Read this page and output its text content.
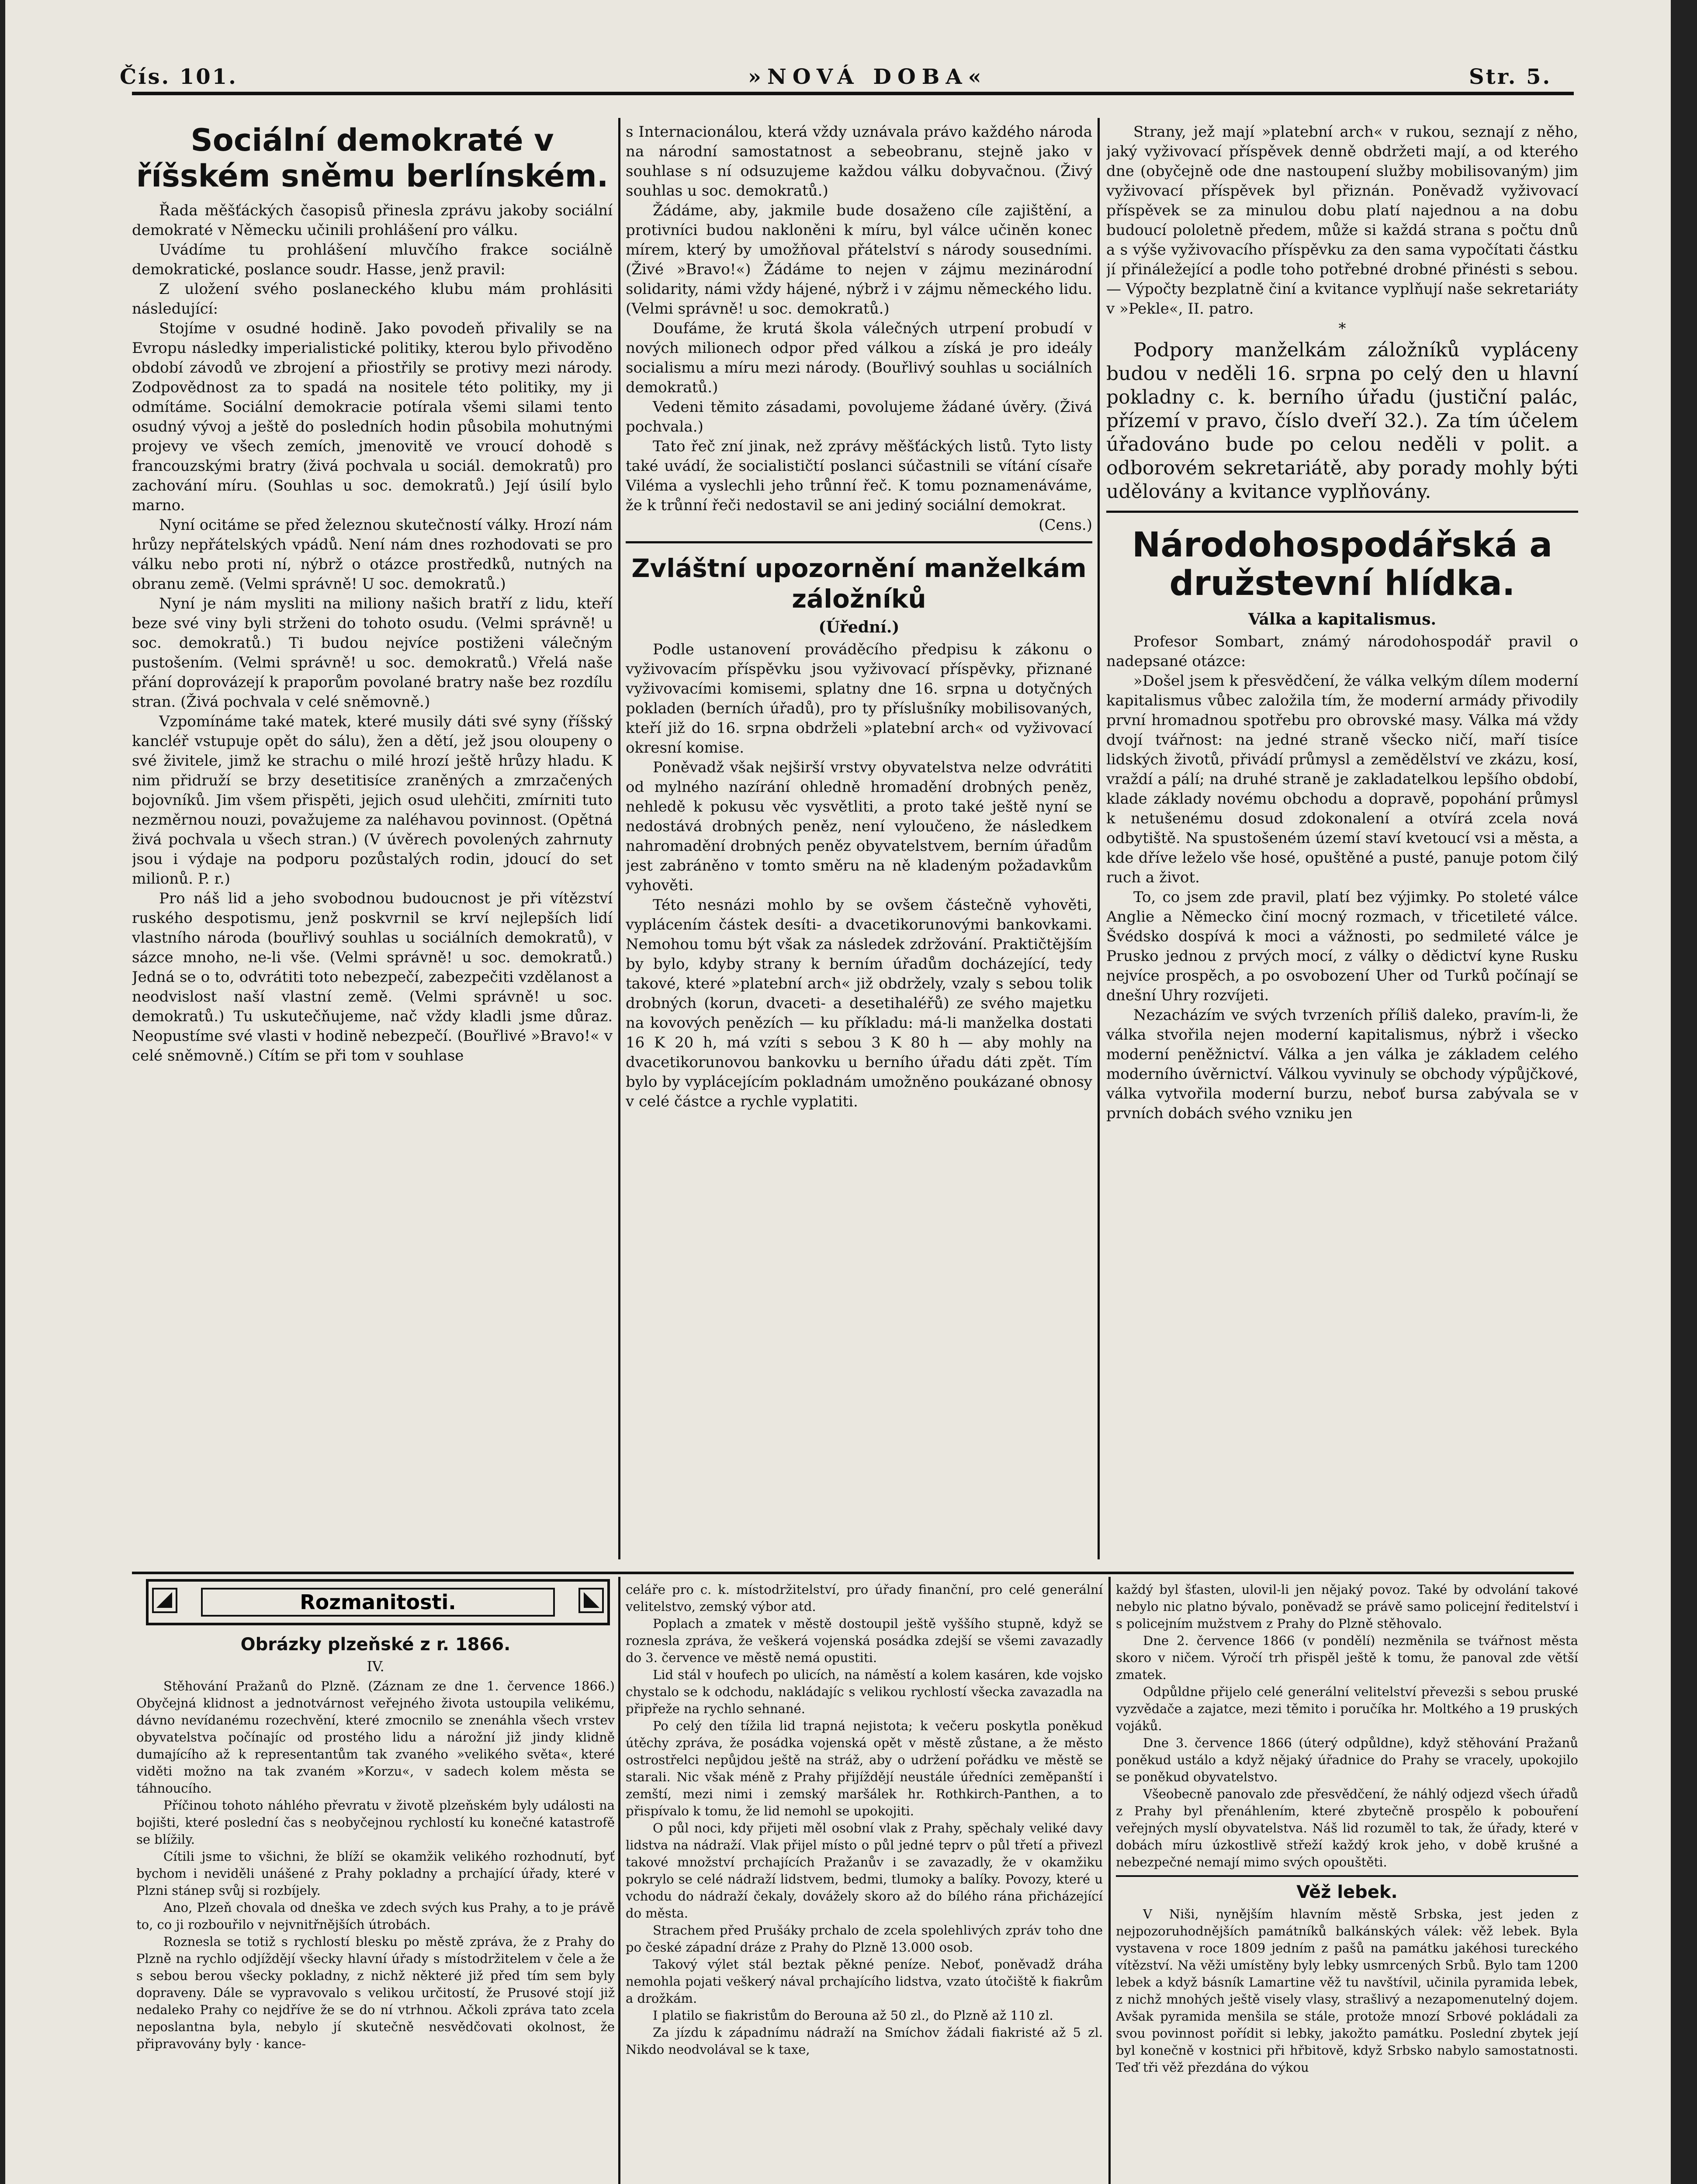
Čís. 101.	»NOVÁ DOBA«	Str. 5.
Sociální demokraté v říšském sněmu berlínském.

Řada měšťáckých časopisů přinesla zprávu jakoby sociální demokraté v Německu učinili prohlášení pro válku.

Uvádíme tu prohlášení mluvčího frakce sociálně demokratické, poslance soudr. Hasse, jenž pravil:

Z uložení svého poslaneckého klubu mám prohlásiti následující:

Stojíme v osudné hodině. Jako povodeň přivalily se na Evropu následky imperialistické politiky, kterou bylo přivoděno období závodů ve zbrojení a přiostřily se protivy mezi národy. Zodpovědnost za to spadá na nositele této politiky, my ji odmítáme. Sociální demokracie potírala všemi silami tento osudný vývoj a ještě do posledních hodin působila mohutnými projevy ve všech zemích, jmenovitě ve vroucí dohodě s francouzskými bratry (živá pochvala u sociál. demokratů) pro zachování míru. (Souhlas u soc. demokratů.) Její úsilí bylo marno.

Nyní ocitáme se před železnou skutečností války. Hrozí nám hrůzy nepřátelských vpádů. Není nám dnes rozhodovati se pro válku nebo proti ní, nýbrž o otázce prostředků, nutných na obranu země. (Velmi správně! U soc. demokratů.)

Nyní je nám mysliti na miliony našich bratří z lidu, kteří beze své viny byli strženi do tohoto osudu. (Velmi správně! u soc. demokratů.) Ti budou nejvíce postiženi válečným pustošením. (Velmi správně! u soc. demokratů.) Vřelá naše přání doprovázejí k praporům povolané bratry naše bez rozdílu stran. (Živá pochvala v celé sněmovně.)

Vzpomínáme také matek, které musily dáti své syny (říšský kancléř vstupuje opět do sálu), žen a dětí, jež jsou oloupeny o své živitele, jimž ke strachu o milé hrozí ještě hrůzy hladu. K nim přidruží se brzy desetitisíce zraněných a zmrzačených bojovníků. Jim všem přispěti, jejich osud ulehčiti, zmírniti tuto nezměrnou nouzi, považujeme za naléhavou povinnost. (Opětná živá pochvala u všech stran.) (V úvěrech povolených zahrnuty jsou i výdaje na podporu pozůstalých rodin, jdoucí do set milionů. P. r.)

Pro náš lid a jeho svobodnou budoucnost je při vítězství ruského despotismu, jenž poskvrnil se krví nejlepších lidí vlastního národa (bouřlivý souhlas u sociálních demokratů), v sázce mnoho, ne-li vše. (Velmi správně! u soc. demokratů.) Jedná se o to, odvrátiti toto nebezpečí, zabezpečiti vzdělanost a neodvislost naší vlastní země. (Velmi správně! u soc. demokratů.) Tu uskutečňujeme, nač vždy kladli jsme důraz. Neopustíme své vlasti v hodině nebezpečí. (Bouřlivé »Bravo!« v celé sněmovně.) Cítím se při tom v souhlase

s Internacionálou, která vždy uznávala právo každého národa na národní samostatnost a sebeobranu, stejně jako v souhlase s ní odsuzujeme každou válku dobyvačnou. (Živý souhlas u soc. demokratů.)

Žádáme, aby, jakmile bude dosaženo cíle zajištění, a protivníci budou nakloněni k míru, byl válce učiněn konec mírem, který by umožňoval přátelství s národy sousedními. (Živé »Bravo!«) Žádáme to nejen v zájmu mezinárodní solidarity, námi vždy hájené, nýbrž i v zájmu německého lidu. (Velmi správně! u soc. demokratů.)

Doufáme, že krutá škola válečných utrpení probudí v nových milionech odpor před válkou a získá je pro ideály socialismu a míru mezi národy. (Bouřlivý souhlas u sociálních demokratů.)

Vedeni těmito zásadami, povolujeme žádané úvěry. (Živá pochvala.)

Tato řeč zní jinak, než zprávy měšťáckých listů. Tyto listy také uvádí, že socialističtí poslanci súčastnili se vítání císaře Viléma a vyslechli jeho trůnní řeč. K tomu poznamenáváme, že k trůnní řeči nedostavil se ani jediný sociální demokrat.

(Cens.)
Zvláštní upozornění manželkám záložníků
(Úřední.)

Podle ustanovení prováděcího předpisu k zákonu o vyživovacím příspěvku jsou vyživovací příspěvky, přiznané vyživovacími komisemi, splatny dne 16. srpna u dotyčných pokladen (berních úřadů), pro ty příslušníky mobilisovaných, kteří již do 16. srpna obdrželi »platební arch« od vyživovací okresní komise.

Poněvadž však nejširší vrstvy obyvatelstva nelze odvrátiti od mylného nazírání ohledně hromadění drobných peněz, nehledě k pokusu věc vysvětliti, a proto také ještě nyní se nedostává drobných peněz, není vyloučeno, že následkem nahromadění drobných peněz obyvatelstvem, berním úřadům jest zabráněno v tomto směru na ně kladeným požadavkům vyhověti.

Této nesnázi mohlo by se ovšem částečně vyhověti, vyplácením částek desíti- a dvacetikorunovými bankovkami. Nemohou tomu být však za následek zdržování. Praktičtějším by bylo, kdyby strany k berním úřadům docházející, tedy takové, které »platební arch« již obdržely, vzaly s sebou tolik drobných (korun, dvaceti- a desetihaléřů) ze svého majetku na kovových penězích — ku příkladu: má-li manželka dostati 16 K 20 h, má vzíti s sebou 3 K 80 h — aby mohly na dvacetikorunovou bankovku u berního úřadu dáti zpět. Tím bylo by vyplácejícím pokladnám umožněno poukázané obnosy v celé částce a rychle vyplatiti.

Strany, jež mají »platební arch« v rukou, seznají z něho, jaký vyživovací příspěvek denně obdržeti mají, a od kterého dne (obyčejně ode dne nastoupení služby mobilisovaným) jim vyživovací příspěvek byl přiznán. Poněvadž vyživovací příspěvek se za minulou dobu platí najednou a na dobu budoucí pololetně předem, může si každá strana s počtu dnů a s výše vyživovacího příspěvku za den sama vypočítati částku jí přináležející a podle toho potřebné drobné přinésti s sebou. — Výpočty bezplatně činí a kvitance vyplňují naše sekretariáty v »Pekle«, II. patro.

*

Podpory manželkám záložníků vypláceny budou v neděli 16. srpna po celý den u hlavní pokladny c. k. berního úřadu (justiční palác, přízemí v pravo, číslo dveří 32.). Za tím účelem úřadováno bude po celou neděli v polit. a odborovém sekretariátě, aby porady mohly býti udělovány a kvitance vyplňovány.

Národohospodářská a družstevní hlídka.
Válka a kapitalismus.

Profesor Sombart, známý národohospodář pravil o nadepsané otázce:

»Došel jsem k přesvědčení, že válka velkým dílem moderní kapitalismus vůbec založila tím, že moderní armády přivodily první hromadnou spotřebu pro obrovské masy. Válka má vždy dvojí tvářnost: na jedné straně všecko ničí, maří tisíce lidských životů, přivádí průmysl a zemědělství ve zkázu, kosí, vraždí a pálí; na druhé straně je zakladatelkou lepšího období, klade základy novému obchodu a dopravě, popohání průmysl k netušenému dosud zdokonalení a otvírá zcela nová odbytiště. Na spustošeném území staví kvetoucí vsi a města, a kde dříve leželo vše hosé, opuštěné a pusté, panuje potom čilý ruch a život.

To, co jsem zde pravil, platí bez výjimky. Po stoleté válce Anglie a Německo činí mocný rozmach, v třicetileté válce. Švédsko dospívá k moci a vážnosti, po sedmileté válce je Prusko jednou z prvých mocí, z války o dědictví kyne Rusku nejvíce prospěch, a po osvobození Uher od Turků počínají se dnešní Uhry rozvíjeti.

Nezacházím ve svých tvrzeních příliš daleko, pravím-li, že válka stvořila nejen moderní kapitalismus, nýbrž i všecko moderní peněžnictví. Válka a jen válka je základem celého moderního úvěrnictví. Válkou vyvinuly se obchody výpůjčkové, válka vytvořila moderní burzu, neboť bursa zabývala se v prvních dobách svého vzniku jen

Rozmanitosti.
Obrázky plzeňské z r. 1866.
IV.

Stěhování Pražanů do Plzně. (Záznam ze dne 1. července 1866.) Obyčejná klidnost a jednotvárnost veřejného života ustoupila velikému, dávno nevídanému rozechvění, které zmocnilo se znenáhla všech vrstev obyvatelstva počínajíc od prostého lidu a nárožní již jindy klidně dumajícího až k representantům tak zvaného »velikého světa«, které viděti možno na tak zvaném »Korzu«, v sadech kolem města se táhnoucího.

Příčinou tohoto náhlého převratu v životě plzeňském byly události na bojišti, které poslední čas s neobyčejnou rychlostí ku konečné katastrofě se blížily.

Cítili jsme to všichni, že blíží se okamžik velikého rozhodnutí, byť bychom i neviděli unášené z Prahy pokladny a prchající úřady, které v Plzni stánep svůj si rozbíjely.

Ano, Plzeň chovala od dneška ve zdech svých kus Prahy, a to je právě to, co ji rozbouřilo v nejvnitřnějších útrobách.

Roznesla se totiž s rychlostí blesku po městě zpráva, že z Prahy do Plzně na rychlo odjíždějí všecky hlavní úřady s místodržitelem v čele a že s sebou berou všecky pokladny, z nichž některé již před tím sem byly dopraveny. Dále se vypravovalo s velikou určitostí, že Prusové stojí již nedaleko Prahy co nejdříve že se do ní vtrhnou. Ačkoli zpráva tato zcela neposlantna byla, nebylo jí skutečně nesvědčovati okolnost, že připravovány byly · kance-

celáře pro c. k. místodržitelství, pro úřady finanční, pro celé generální velitelstvo, zemský výbor atd.

Poplach a zmatek v městě dostoupil ještě vyššího stupně, když se roznesla zpráva, že veškerá vojenská posádka zdejší se všemi zavazadly do 3. července ve městě nemá opustiti.

Lid stál v houfech po ulicích, na náměstí a kolem kasáren, kde vojsko chystalo se k odchodu, nakládajíc s velikou rychlostí všecka zavazadla na připřeže na rychlo sehnané.

Po celý den tížila lid trapná nejistota; k večeru poskytla poněkud útěchy zpráva, že posádka vojenská opět v městě zůstane, a že město ostrostřelci nepůjdou ještě na stráž, aby o udržení pořádku ve městě se starali. Nic však méně z Prahy přijíždějí neustále úředníci zeměpanští i zemští, mezi nimi i zemský maršálek hr. Rothkirch-Panthen, a to přispívalo k tomu, že lid nemohl se upokojiti.

O půl noci, kdy přijeti měl osobní vlak z Prahy, spěchaly veliké davy lidstva na nádraží. Vlak přijel místo o půl jedné teprv o půl třetí a přivezl takové množství prchajících Pražanův i se zavazadly, že v okamžiku pokrylo se celé nádraží lidstvem, bedmi, tlumoky a balíky. Povozy, které u vchodu do nádraží čekaly, dovážely skoro až do bílého rána přicházející do města.

Strachem před Prušáky prchalo de zcela spolehlivých zpráv toho dne po české západní dráze z Prahy do Plzně 13.000 osob.

Takový výlet stál beztak pěkné peníze. Neboť, poněvadž dráha nemohla pojati veškerý nával prchajícího lidstva, vzato útočiště k fiakrům a drožkám.

I platilo se fiakristům do Berouna až 50 zl., do Plzně až 110 zl.

Za jízdu k západnímu nádraží na Smíchov žádali fiakristé až 5 zl. Nikdo neodvolával se k taxe,

každý byl šťasten, ulovil-li jen nějaký povoz. Také by odvolání takové nebylo nic platno bývalo, poněvadž se právě samo policejní ředitelství i s policejním mužstvem z Prahy do Plzně stěhovalo.

Dne 2. července 1866 (v pondělí) nezměnila se tvářnost města skoro v ničem. Výročí trh přispěl ještě k tomu, že panoval zde větší zmatek.

Odpůldne přijelo celé generální velitelství převezši s sebou pruské vyzvědače a zajatce, mezi těmito i poručíka hr. Moltkého a 19 pruských vojáků.

Dne 3. července 1866 (úterý odpůldne), když stěhování Pražanů poněkud ustálo a když nějaký úřadnice do Prahy se vracely, upokojilo se poněkud obyvatelstvo.

Všeobecně panovalo zde přesvědčení, že náhlý odjezd všech úřadů z Prahy byl přenáhlením, které zbytečně prospělo k pobouření veřejných myslí obyvatelstva. Náš lid rozuměl to tak, že úřady, které v dobách míru úzkostlivě střeží každý krok jeho, v době krušné a nebezpečné nemají mimo svých opouštěti.

Věž lebek.

V Niši, nynějším hlavním městě Srbska, jest jeden z nejpozoruhodnějších památníků balkánských válek: věž lebek. Byla vystavena v roce 1809 jedním z pašů na památku jakéhosi tureckého vítězství. Na věži umístěny byly lebky usmrcených Srbů. Bylo tam 1200 lebek a když básník Lamartine věž tu navštívil, učinila pyramida lebek, z nichž mnohých ještě visely vlasy, strašlivý a nezapomenutelný dojem. Avšak pyramida menšila se stále, protože mnozí Srbové pokládali za svou povinnost pořídit si lebky, jakožto památku. Poslední zbytek její byl konečně v kostnici při hřbitově, když Srbsko nabylo samostatnosti. Teď tři věž přezdána do výkou
